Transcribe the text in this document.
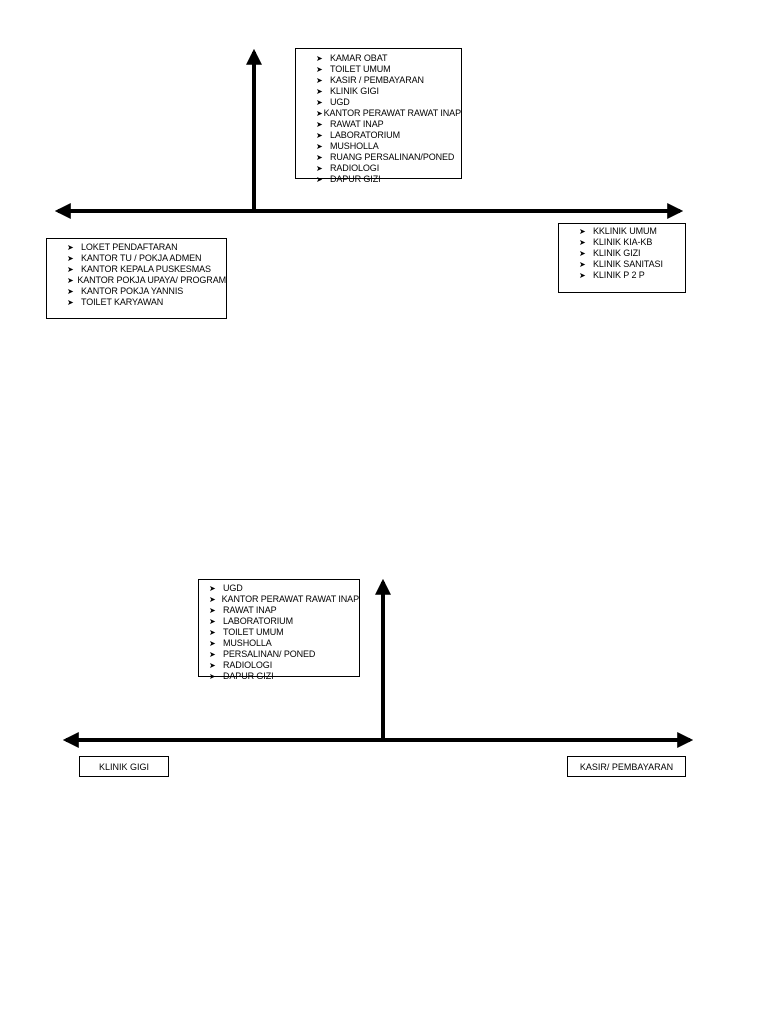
➤ KAMAR OBAT
➤ TOILET UMUM
➤ KASIR / PEMBAYARAN
➤ KLINIK GIGI
➤ UGD
➤ KANTOR PERAWAT RAWAT INAP
➤ RAWAT INAP
➤ LABORATORIUM
➤ MUSHOLLA
➤ RUANG PERSALINAN/PONED
➤ RADIOLOGI
➤ DAPUR GIZI
➤ LOKET PENDAFTARAN
➤ KANTOR TU / POKJA ADMEN
➤ KANTOR KEPALA PUSKESMAS
➤ KANTOR POKJA UPAYA/ PROGRAM
➤ KANTOR POKJA YANNIS
➤ TOILET KARYAWAN
➤ KKLINIK UMUM
➤ KLINIK KIA-KB
➤ KLINIK GIZI
➤ KLINIK SANITASI
➤ KLINIK P 2 P
➤ UGD
➤ KANTOR PERAWAT RAWAT INAP
➤ RAWAT INAP
➤ LABORATORIUM
➤ TOILET UMUM
➤ MUSHOLLA
➤ PERSALINAN/ PONED
➤ RADIOLOGI
➤ DAPUR GIZI
KLINIK GIGI	KASIR/ PEMBAYARAN
